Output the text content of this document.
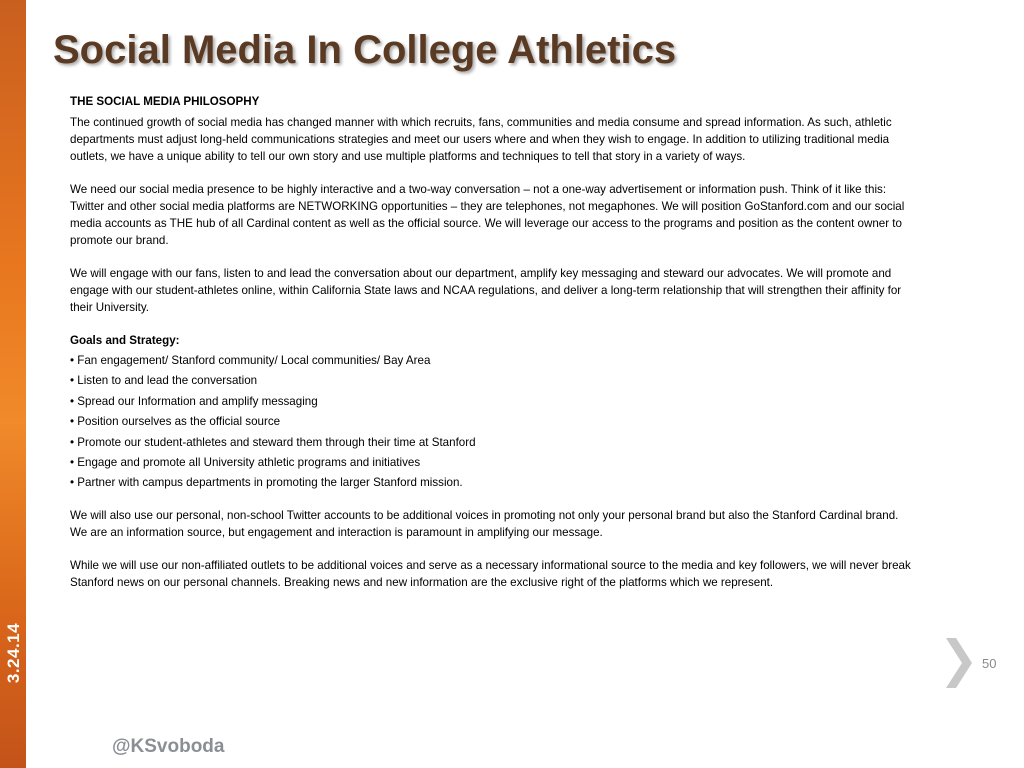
3.24.14
Social Media In College Athletics

THE SOCIAL MEDIA PHILOSOPHY

The continued growth of social media has changed manner with which recruits, fans, communities and media consume and spread information. As such, athletic departments must adjust long-held communications strategies and meet our users where and when they wish to engage. In addition to utilizing traditional media outlets, we have a unique ability to tell our own story and use multiple platforms and techniques to tell that story in a variety of ways.

We need our social media presence to be highly interactive and a two-way conversation – not a one-way advertisement or information push. Think of it like this: Twitter and other social media platforms are NETWORKING opportunities – they are telephones, not megaphones. We will position GoStanford.com and our social media accounts as THE hub of all Cardinal content as well as the official source. We will leverage our access to the programs and position as the content owner to promote our brand.

We will engage with our fans, listen to and lead the conversation about our department, amplify key messaging and steward our advocates. We will promote and engage with our student-athletes online, within California State laws and NCAA regulations, and deliver a long-term relationship that will strengthen their affinity for their University.

Goals and Strategy:

• Fan engagement/ Stanford community/ Local communities/ Bay Area
• Listen to and lead the conversation
• Spread our Information and amplify messaging
• Position ourselves as the official source
• Promote our student-athletes and steward them through their time at Stanford
• Engage and promote all University athletic programs and initiatives
• Partner with campus departments in promoting the larger Stanford mission.

We will also use our personal, non-school Twitter accounts to be additional voices in promoting not only your personal brand but also the Stanford Cardinal brand. We are an information source, but engagement and interaction is paramount in amplifying our message.

While we will use our non-affiliated outlets to be additional voices and serve as a necessary informational source to the media and key followers, we will never break Stanford news on our personal channels. Breaking news and new information are the exclusive right of the platforms which we represent.

50
@KSvoboda
